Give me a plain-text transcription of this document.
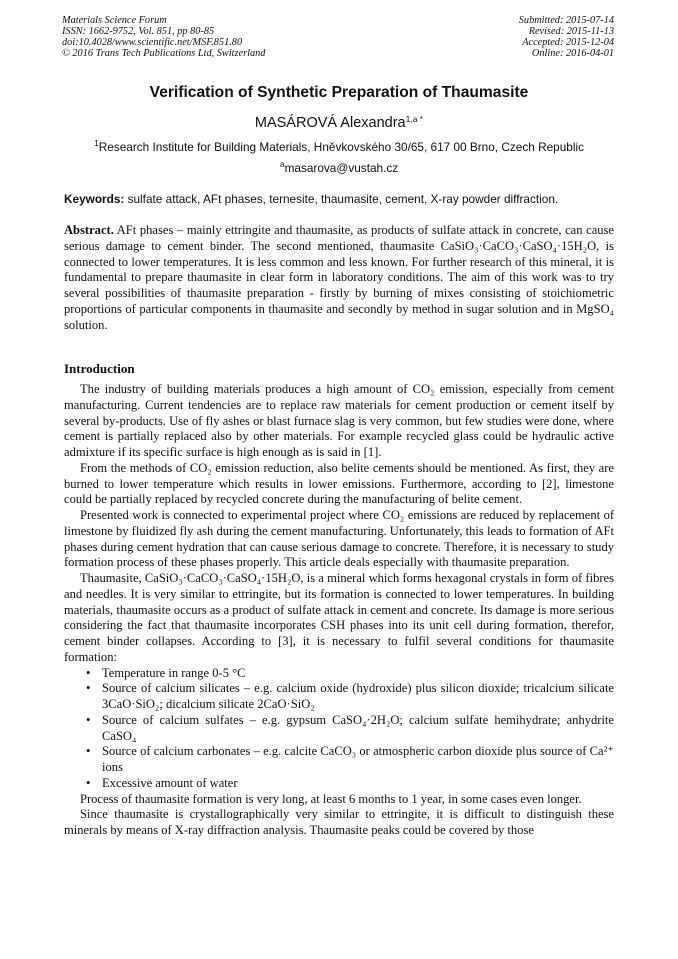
Materials Science Forum
ISSN: 1662-9752, Vol. 851, pp 80-85
doi:10.4028/www.scientific.net/MSF.851.80
© 2016 Trans Tech Publications Ltd, Switzerland
Submitted: 2015-07-14
Revised: 2015-11-13
Accepted: 2015-12-04
Online: 2016-04-01
Verification of Synthetic Preparation of Thaumasite
MASÁROVÁ Alexandra$^{1,a *}$
$^1$Research Institute for Building Materials, Hněvkovského 30/65, 617 00 Brno, Czech Republic
$^a$masarova@vustah.cz
Keywords: sulfate attack, AFt phases, ternesite, thaumasite, cement, X-ray powder diffraction.
Abstract. AFt phases – mainly ettringite and thaumasite, as products of sulfate attack in concrete, can cause serious damage to cement binder. The second mentioned, thaumasite CaSiO₃·CaCO₃·CaSO₄·15H₂O, is connected to lower temperatures. It is less common and less known. For further research of this mineral, it is fundamental to prepare thaumasite in clear form in laboratory conditions. The aim of this work was to try several possibilities of thaumasite preparation - firstly by burning of mixes consisting of stoichiometric proportions of particular components in thaumasite and secondly by method in sugar solution and in MgSO₄ solution.
Introduction

The industry of building materials produces a high amount of CO₂ emission, especially from cement manufacturing. Current tendencies are to replace raw materials for cement production or cement itself by several by-products. Use of fly ashes or blast furnace slag is very common, but few studies were done, where cement is partially replaced also by other materials. For example recycled glass could be hydraulic active admixture if its specific surface is high enough as is said in [1].

From the methods of CO₂ emission reduction, also belite cements should be mentioned. As first, they are burned to lower temperature which results in lower emissions. Furthermore, according to [2], limestone could be partially replaced by recycled concrete during the manufacturing of belite cement.

Presented work is connected to experimental project where CO₂ emissions are reduced by replacement of limestone by fluidized fly ash during the cement manufacturing. Unfortunately, this leads to formation of AFt phases during cement hydration that can cause serious damage to concrete. Therefore, it is necessary to study formation process of these phases properly. This article deals especially with thaumasite preparation.

Thaumasite, CaSiO₃·CaCO₃·CaSO₄·15H₂O, is a mineral which forms hexagonal crystals in form of fibres and needles. It is very similar to ettringite, but its formation is connected to lower temperatures. In building materials, thaumasite occurs as a product of sulfate attack in cement and concrete. Its damage is more serious considering the fact that thaumasite incorporates CSH phases into its unit cell during formation, therefor, cement binder collapses. According to [3], it is necessary to fulfil several conditions for thaumasite formation:

• Temperature in range 0-5 °C
• Source of calcium silicates – e.g. calcium oxide (hydroxide) plus silicon dioxide; tricalcium silicate 3CaO·SiO₂; dicalcium silicate 2CaO·SiO₂
• Source of calcium sulfates – e.g. gypsum CaSO₄·2H₂O; calcium sulfate hemihydrate; anhydrite CaSO₄
• Source of calcium carbonates – e.g. calcite CaCO₃ or atmospheric carbon dioxide plus source of Ca²⁺ ions
• Excessive amount of water

Process of thaumasite formation is very long, at least 6 months to 1 year, in some cases even longer.

Since thaumasite is crystallographically very similar to ettringite, it is difficult to distinguish these minerals by means of X-ray diffraction analysis. Thaumasite peaks could be covered by those
